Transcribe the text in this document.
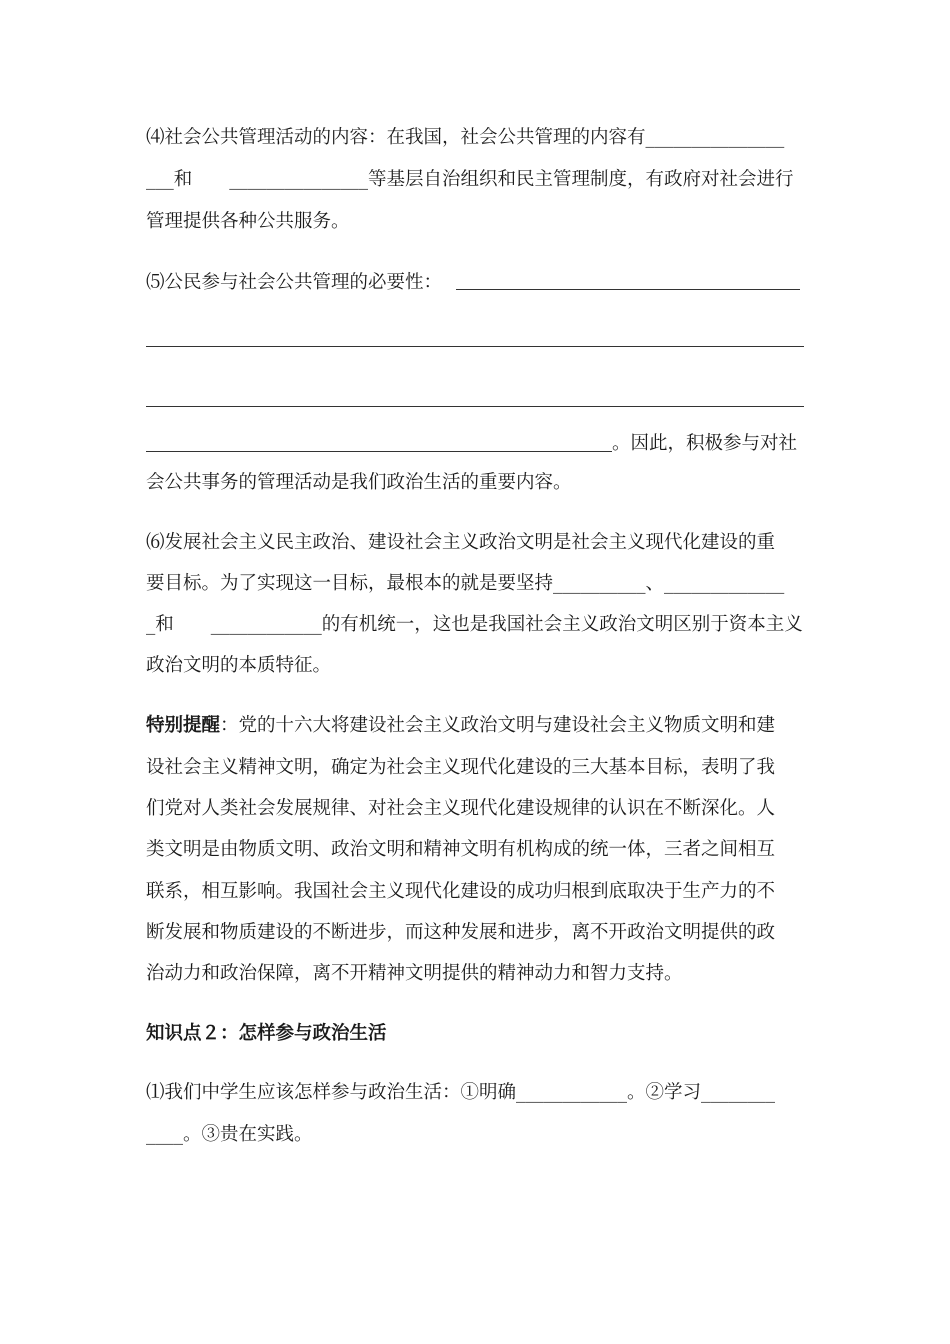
⑷社会公共管理活动的内容：在我国，社会公共管理的内容有_______________
___和　　_______________等基层自治组织和民主管理制度，有政府对社会进行
管理提供各种公共服务。
⑸公民参与社会公共管理的必要性：
。因此，积极参与对社
会公共事务的管理活动是我们政治生活的重要内容。
⑹发展社会主义民主政治、建设社会主义政治文明是社会主义现代化建设的重
要目标。为了实现这一目标，最根本的就是要坚持__________、_____________
_和　　____________的有机统一，这也是我国社会主义政治文明区别于资本主义
政治文明的本质特征。
特别提醒：党的十六大将建设社会主义政治文明与建设社会主义物质文明和建
设社会主义精神文明，确定为社会主义现代化建设的三大基本目标，表明了我
们党对人类社会发展规律、对社会主义现代化建设规律的认识在不断深化。人
类文明是由物质文明、政治文明和精神文明有机构成的统一体，三者之间相互
联系，相互影响。我国社会主义现代化建设的成功归根到底取决于生产力的不
断发展和物质建设的不断进步，而这种发展和进步，离不开政治文明提供的政
治动力和政治保障，离不开精神文明提供的精神动力和智力支持。
知识点２：怎样参与政治生活
⑴我们中学生应该怎样参与政治生活：①明确____________。②学习________
____。③贵在实践。
